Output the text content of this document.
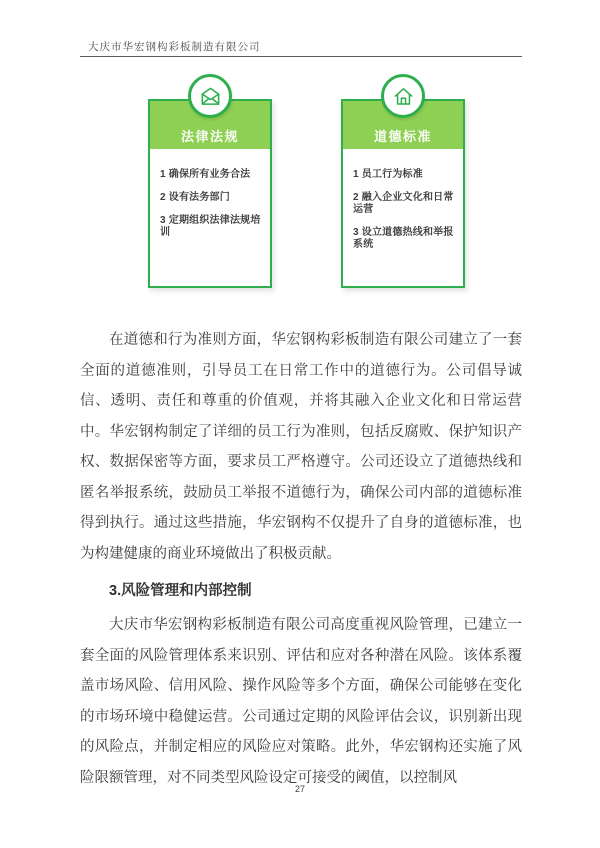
大庆市华宏钢构彩板制造有限公司
法律法规
1 确保所有业务合法
2 设有法务部门
3 定期组织法律法规培训
道德标准
1 员工行为标准
2 融入企业文化和日常运营
3 设立道德热线和举报系统

在道德和行为准则方面，华宏钢构彩板制造有限公司建立了一套全面的道德准则，引导员工在日常工作中的道德行为。公司倡导诚信、透明、责任和尊重的价值观，并将其融入企业文化和日常运营中。华宏钢构制定了详细的员工行为准则，包括反腐败、保护知识产权、数据保密等方面，要求员工严格遵守。公司还设立了道德热线和匿名举报系统，鼓励员工举报不道德行为，确保公司内部的道德标准得到执行。通过这些措施，华宏钢构不仅提升了自身的道德标准，也为构建健康的商业环境做出了积极贡献。

3.风险管理和内部控制

大庆市华宏钢构彩板制造有限公司高度重视风险管理，已建立一套全面的风险管理体系来识别、评估和应对各种潜在风险。该体系覆盖市场风险、信用风险、操作风险等多个方面，确保公司能够在变化的市场环境中稳健运营。公司通过定期的风险评估会议，识别新出现的风险点，并制定相应的风险应对策略。此外，华宏钢构还实施了风险限额管理，对不同类型风险设定可接受的阈值，以控制风

27
